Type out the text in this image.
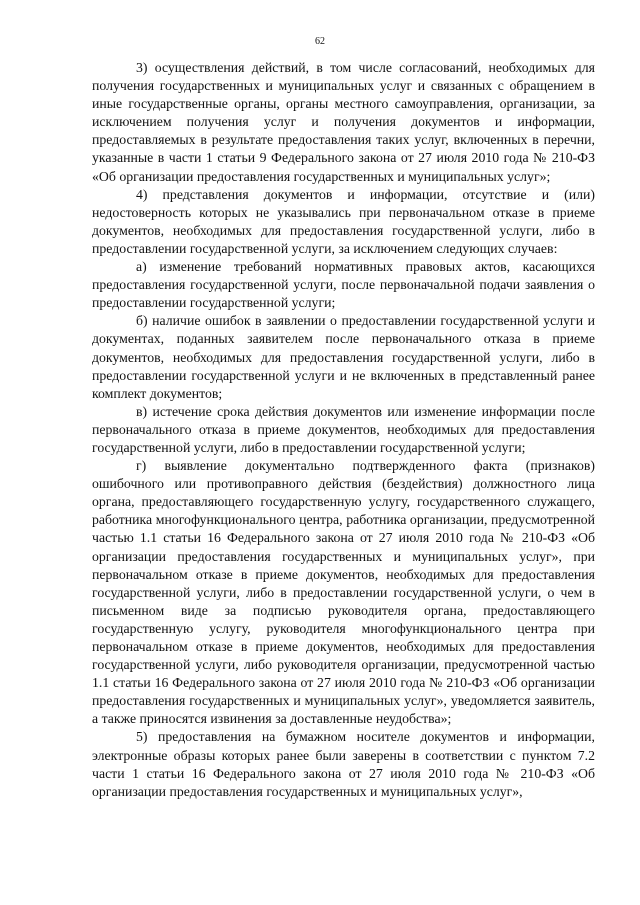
62

3) осуществления действий, в том числе согласований, необходимых для получения государственных и муниципальных услуг и связанных с обращением в иные государственные органы, органы местного самоуправления, организации, за исключением получения услуг и получения документов и информации, предоставляемых в результате предоставления таких услуг, включенных в перечни, указанные в части 1 статьи 9 Федерального закона от 27 июля 2010 года № 210-ФЗ «Об организации предоставления государственных и муниципальных услуг»;

4) представления документов и информации, отсутствие и (или) недостоверность которых не указывались при первоначальном отказе в приеме документов, необходимых для предоставления государственной услуги, либо в предоставлении государственной услуги, за исключением следующих случаев:

а) изменение требований нормативных правовых актов, касающихся предоставления государственной услуги, после первоначальной подачи заявления о предоставлении государственной услуги;

б) наличие ошибок в заявлении о предоставлении государственной услуги и документах, поданных заявителем после первоначального отказа в приеме документов, необходимых для предоставления государственной услуги, либо в предоставлении государственной услуги и не включенных в представленный ранее комплект документов;

в) истечение срока действия документов или изменение информации после первоначального отказа в приеме документов, необходимых для предоставления государственной услуги, либо в предоставлении государственной услуги;

г) выявление документально подтвержденного факта (признаков) ошибочного или противоправного действия (бездействия) должностного лица органа, предоставляющего государственную услугу, государственного служащего, работника многофункционального центра, работника организации, предусмотренной частью 1.1 статьи 16 Федерального закона от 27 июля 2010 года № 210-ФЗ «Об организации предоставления государственных и муниципальных услуг», при первоначальном отказе в приеме документов, необходимых для предоставления государственной услуги, либо в предоставлении государственной услуги, о чем в письменном виде за подписью руководителя органа, предоставляющего государственную услугу, руководителя многофункционального центра при первоначальном отказе в приеме документов, необходимых для предоставления государственной услуги, либо руководителя организации, предусмотренной частью 1.1 статьи 16 Федерального закона от 27 июля 2010 года № 210-ФЗ «Об организации предоставления государственных и муниципальных услуг», уведомляется заявитель, а также приносятся извинения за доставленные неудобства»;

5) предоставления на бумажном носителе документов и информации, электронные образы которых ранее были заверены в соответствии с пунктом 7.2 части 1 статьи 16 Федерального закона от 27 июля 2010 года № 210-ФЗ «Об организации предоставления государственных и муниципальных услуг»,
